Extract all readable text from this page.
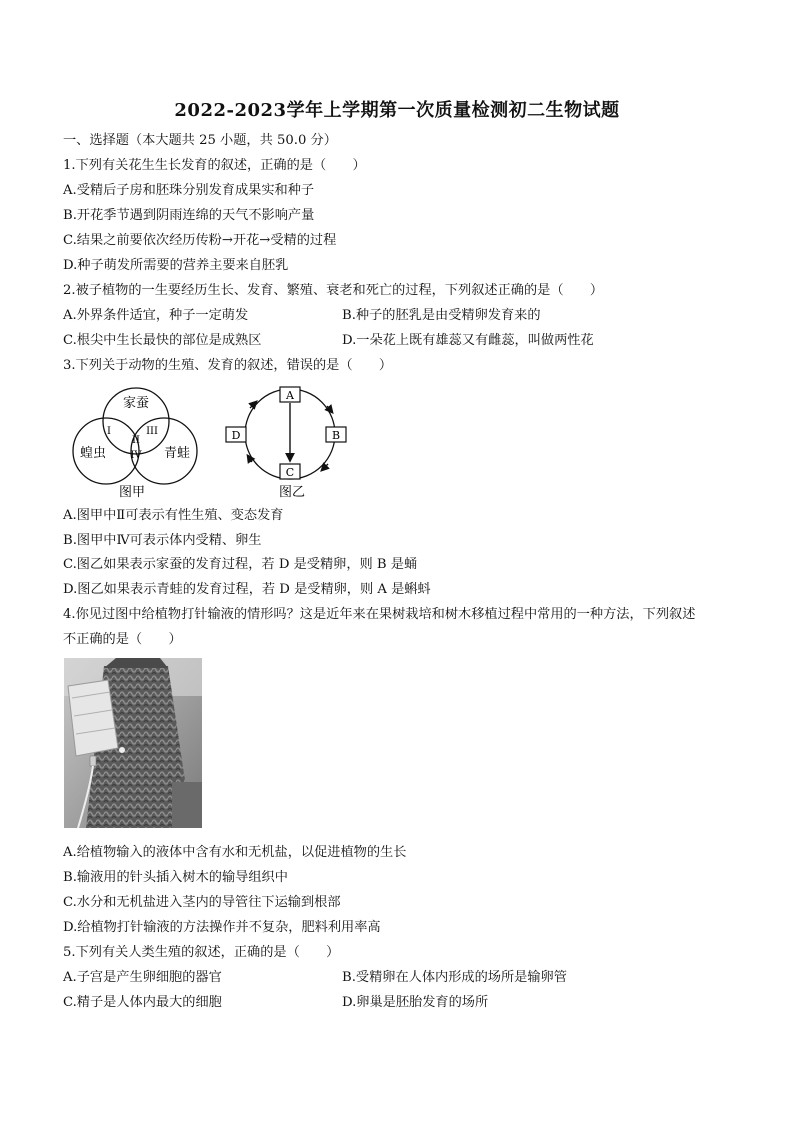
2022-2023学年上学期第一次质量检测初二生物试题
一、选择题（本大题共 25 小题，共 50.0 分）
1.下列有关花生生长发育的叙述，正确的是（　　）
A.受精后子房和胚珠分别发育成果实和种子
B.开花季节遇到阴雨连绵的天气不影响产量
C.结果之前要依次经历传粉→开花→受精的过程
D.种子萌发所需要的营养主要来自胚乳
2.被子植物的一生要经历生长、发育、繁殖、衰老和死亡的过程，下列叙述正确的是（　　）
A.外界条件适宜，种子一定萌发	B.种子的胚乳是由受精卵发育来的
C.根尖中生长最快的部位是成熟区	D.一朵花上既有雄蕊又有雌蕊，叫做两性花
3.下列关于动物的生殖、发育的叙述，错误的是（　　）
家蚕
蝗虫	青蛙
I
II
III
IV
图甲
A
B
C
D
图乙
A.图甲中Ⅱ可表示有性生殖、变态发育
B.图甲中Ⅳ可表示体内受精、卵生
C.图乙如果表示家蚕的发育过程，若 D 是受精卵，则 B 是蛹
D.图乙如果表示青蛙的发育过程，若 D 是受精卵，则 A 是蝌蚪
4.你见过图中给植物打针输液的情形吗？这是近年来在果树栽培和树木移植过程中常用的一种方法，下列叙述
不正确的是（　　）
A.给植物输入的液体中含有水和无机盐，以促进植物的生长
B.输液用的针头插入树木的输导组织中
C.水分和无机盐进入茎内的导管往下运输到根部
D.给植物打针输液的方法操作并不复杂，肥料利用率高
5.下列有关人类生殖的叙述，正确的是（　　）
A.子宫是产生卵细胞的器官	B.受精卵在人体内形成的场所是输卵管
C.精子是人体内最大的细胞	D.卵巢是胚胎发育的场所
